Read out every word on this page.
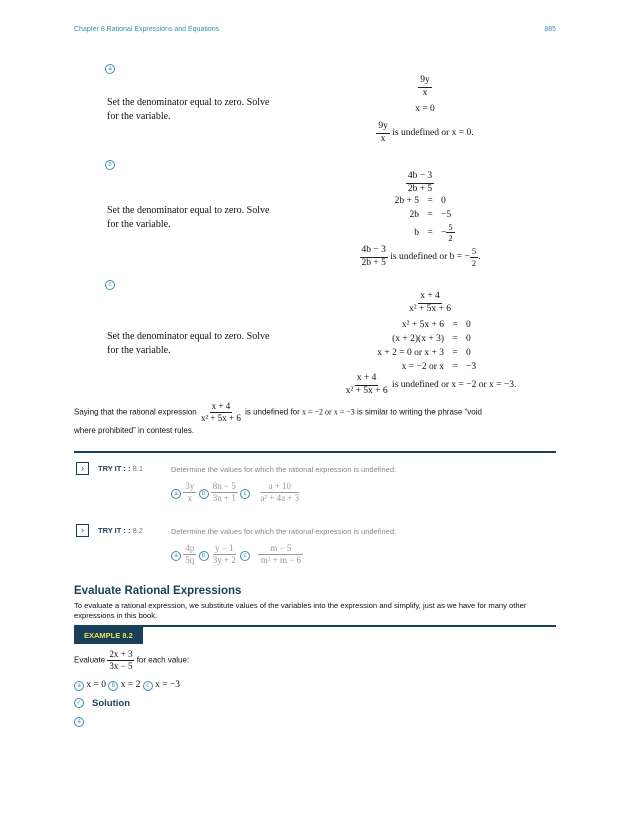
Chapter 8 Rational Expressions and Equations	885
a
Set the denominator equal to zero. Solve
for the variable.
$\frac{9y}{x}$
x = 0
$\frac{9y}{x}$ is undefined or x = 0.
b
Set the denominator equal to zero. Solve
for the variable.
$\frac{4b - 3}{2b + 5}$
2b + 5 = 0
2b = −5
b = − $\frac{5}{2}$
$\frac{4b - 3}{2b + 5}$ is undefined or b = − $\frac{5}{2}$ .
c
Set the denominator equal to zero. Solve
for the variable.
$\frac{x + 4}{\text{x² + 5x + 6}}$
x² + 5x + 6 = 0
(x + 2)(x + 3) = 0
x + 2 = 0 or x + 3 = 0
x = −2 or x = −3
$\frac{x + 4}{\text{x² + 5x + 6}}$ is undefined or x = −2 or x = −3.
Saying that the rational expression $\frac{x + 4}{\text{x² + 5x + 6}}$ is undefined for x = −2 or x = −3 is similar to writing the phrase “void
where prohibited” in contest rules.
›	TRY IT : : 8.1	Determine the values for which the rational expression is undefined:
a $\frac{3y}{x}$ b $\frac{8n - 5}{3n + 1}$ c $\frac{a + 10}{\text{a² + 4a + 3}}$
›	TRY IT : : 8.2	Determine the values for which the rational expression is undefined:
a $\frac{4p}{5q}$ b $\frac{y - 1}{3y + 2}$ c $\frac{m - 5}{\text{m² + m − 6}}$
Evaluate Rational Expressions
To evaluate a rational expression, we substitute values of the variables into the expression and simplify, just as we have for many other expressions in this book.
EXAMPLE 8.2
Evaluate $\frac{2x + 3}{3x - 5}$ for each value:
a x = 0 b x = 2 c x = −3
✓ Solution
a
